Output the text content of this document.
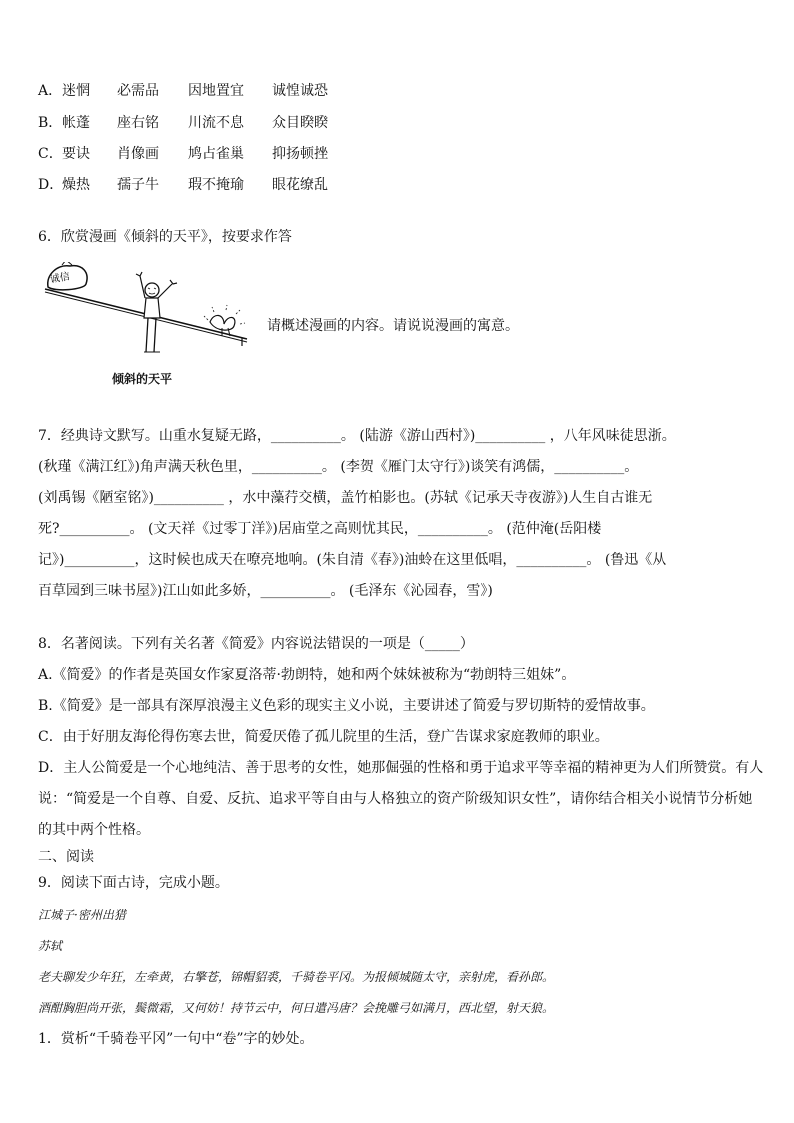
A． 迷惘 必需品 因地置宜 诚惶诚恐
B． 帐蓬 座右铭 川流不息 众目睽睽
C． 要诀 肖像画 鸠占雀巢 抑扬顿挫
D．
燥热 孺子牛 瑕不掩瑜 眼花缭乱
6．欣赏漫画《倾斜的天平》，按要求作答
诚信
倾斜的天平
请概述漫画的内容。请说说漫画的寓意。
7．经典诗文默写。山重水复疑无路，__________。 (陆游《游山西村》)__________ ，八年风味徒思浙。
(秋瑾《满江红》)角声满天秋色里，__________。 (李贺《雁门太守行》)谈笑有鸿儒，__________。
(刘禹锡《陋室铭》)__________ ，水中藻荇交横，盖竹柏影也。(苏轼《记承天寺夜游》)人生自古谁无
死?__________。 (文天祥《过零丁洋》)居庙堂之高则忧其民，__________。 (范仲淹(岳阳楼
记》)__________，这时候也成天在嘹亮地响。(朱自清《春》)油蛉在这里低唱，__________。 (鲁迅《从
百草园到三味书屋》)江山如此多娇，__________。 (毛泽东《沁园春，雪》)
8．名著阅读。下列有关名著《简爱》内容说法错误的一项是（_____）
A.《简爱》的作者是英国女作家夏洛蒂·勃朗特，她和两个妹妹被称为“勃朗特三姐妹”。
B.《简爱》是一部具有深厚浪漫主义色彩的现实主义小说，主要讲述了简爱与罗切斯特的爱情故事。
C．由于好朋友海伦得伤寒去世，简爱厌倦了孤儿院里的生活，登广告谋求家庭教师的职业。
D．主人公简爱是一个心地纯洁、善于思考的女性，她那倔强的性格和勇于追求平等幸福的精神更为人们所赞赏。有人
说：“简爱是一个自尊、自爱、反抗、追求平等自由与人格独立的资产阶级知识女性”，请你结合相关小说情节分析她
的其中两个性格。
二、阅读
9．阅读下面古诗，完成小题。
江城子·密州出猎
苏轼
老夫聊发少年狂，左牵黄，右擎苍，锦帽貂裘，千骑卷平冈。为报倾城随太守，亲射虎，看孙郎。
酒酣胸胆尚开张，鬓微霜，又何妨！持节云中，何日遣冯唐？会挽雕弓如满月，西北望，射天狼。
1．赏析“千骑卷平冈”一句中“卷”字的妙处。
